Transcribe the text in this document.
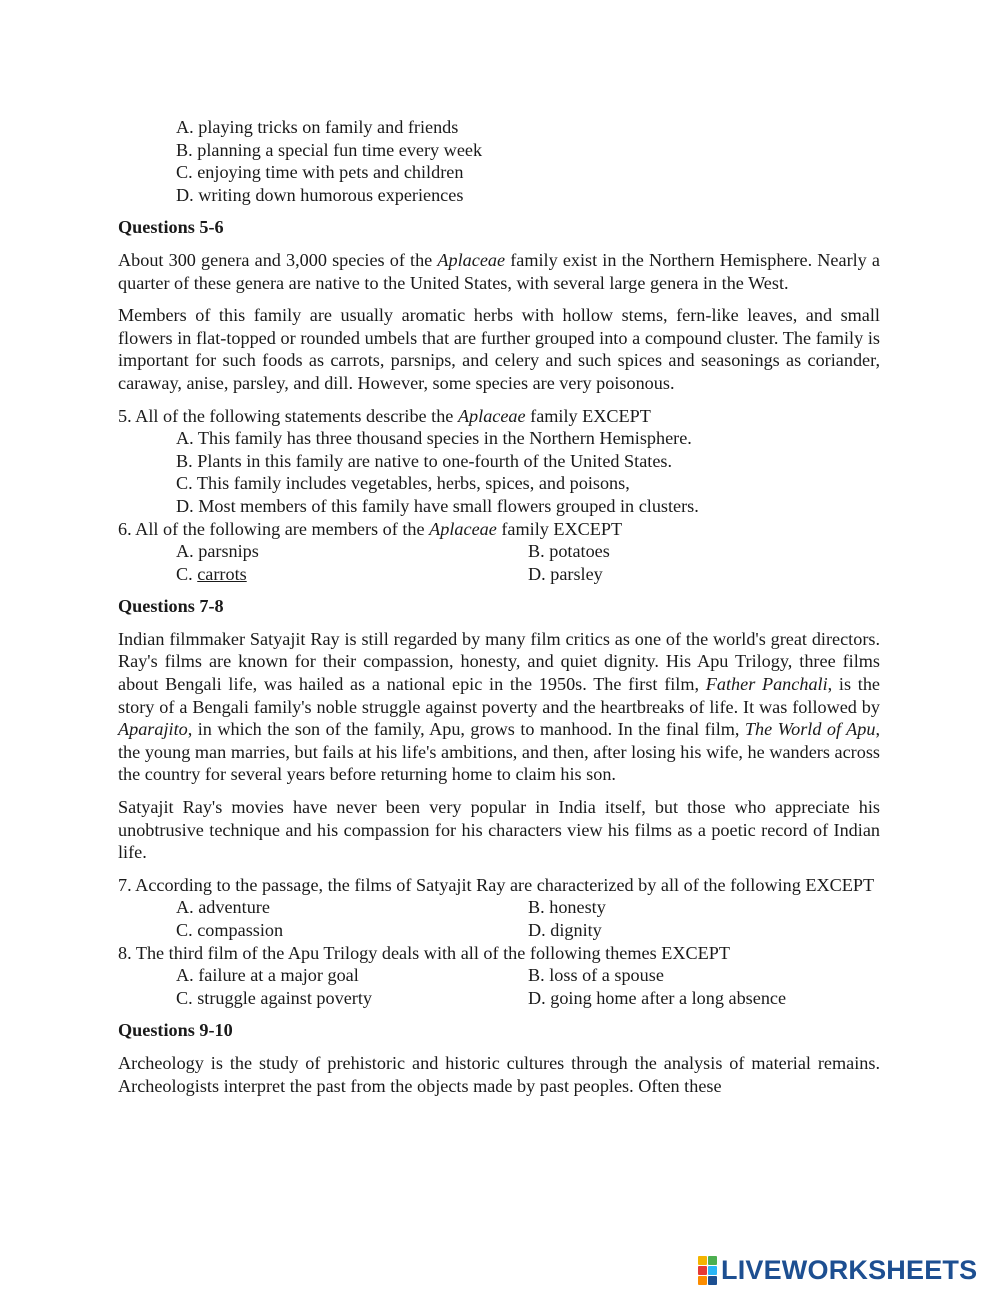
A. playing tricks on family and friends
B. planning a special fun time every week
C. enjoying time with pets and children
D. writing down humorous experiences
Questions 5-6

About 300 genera and 3,000 species of the Aplaceae family exist in the Northern Hemisphere. Nearly a quarter of these genera are native to the United States, with several large genera in the West.

Members of this family are usually aromatic herbs with hollow stems, fern-like leaves, and small flowers in flat-topped or rounded umbels that are further grouped into a compound cluster. The family is important for such foods as carrots, parsnips, and celery and such spices and seasonings as coriander, caraway, anise, parsley, and dill. However, some species are very poisonous.

5. All of the following statements describe the Aplaceae family EXCEPT
A. This family has three thousand species in the Northern Hemisphere.
B. Plants in this family are native to one-fourth of the United States.
C. This family includes vegetables, herbs, spices, and poisons,
D. Most members of this family have small flowers grouped in clusters.
6. All of the following are members of the Aplaceae family EXCEPT
A. parsnips	B. potatoes
C. carrots	D. parsley
Questions 7-8

Indian filmmaker Satyajit Ray is still regarded by many film critics as one of the world's great directors. Ray's films are known for their compassion, honesty, and quiet dignity. His Apu Trilogy, three films about Bengali life, was hailed as a national epic in the 1950s. The first film, Father Panchali, is the story of a Bengali family's noble struggle against poverty and the heartbreaks of life. It was followed by Aparajito, in which the son of the family, Apu, grows to manhood. In the final film, The World of Apu, the young man marries, but fails at his life's ambitions, and then, after losing his wife, he wanders across the country for several years before returning home to claim his son.

Satyajit Ray's movies have never been very popular in India itself, but those who appreciate his unobtrusive technique and his compassion for his characters view his films as a poetic record of Indian life.

7. According to the passage, the films of Satyajit Ray are characterized by all of the following EXCEPT
A. adventure	B. honesty
C. compassion	D. dignity
8. The third film of the Apu Trilogy deals with all of the following themes EXCEPT
A. failure at a major goal	B. loss of a spouse
C. struggle against poverty	D. going home after a long absence
Questions 9-10

Archeology is the study of prehistoric and historic cultures through the analysis of material remains. Archeologists interpret the past from the objects made by past peoples. Often these

LIVEWORKSHEETS
